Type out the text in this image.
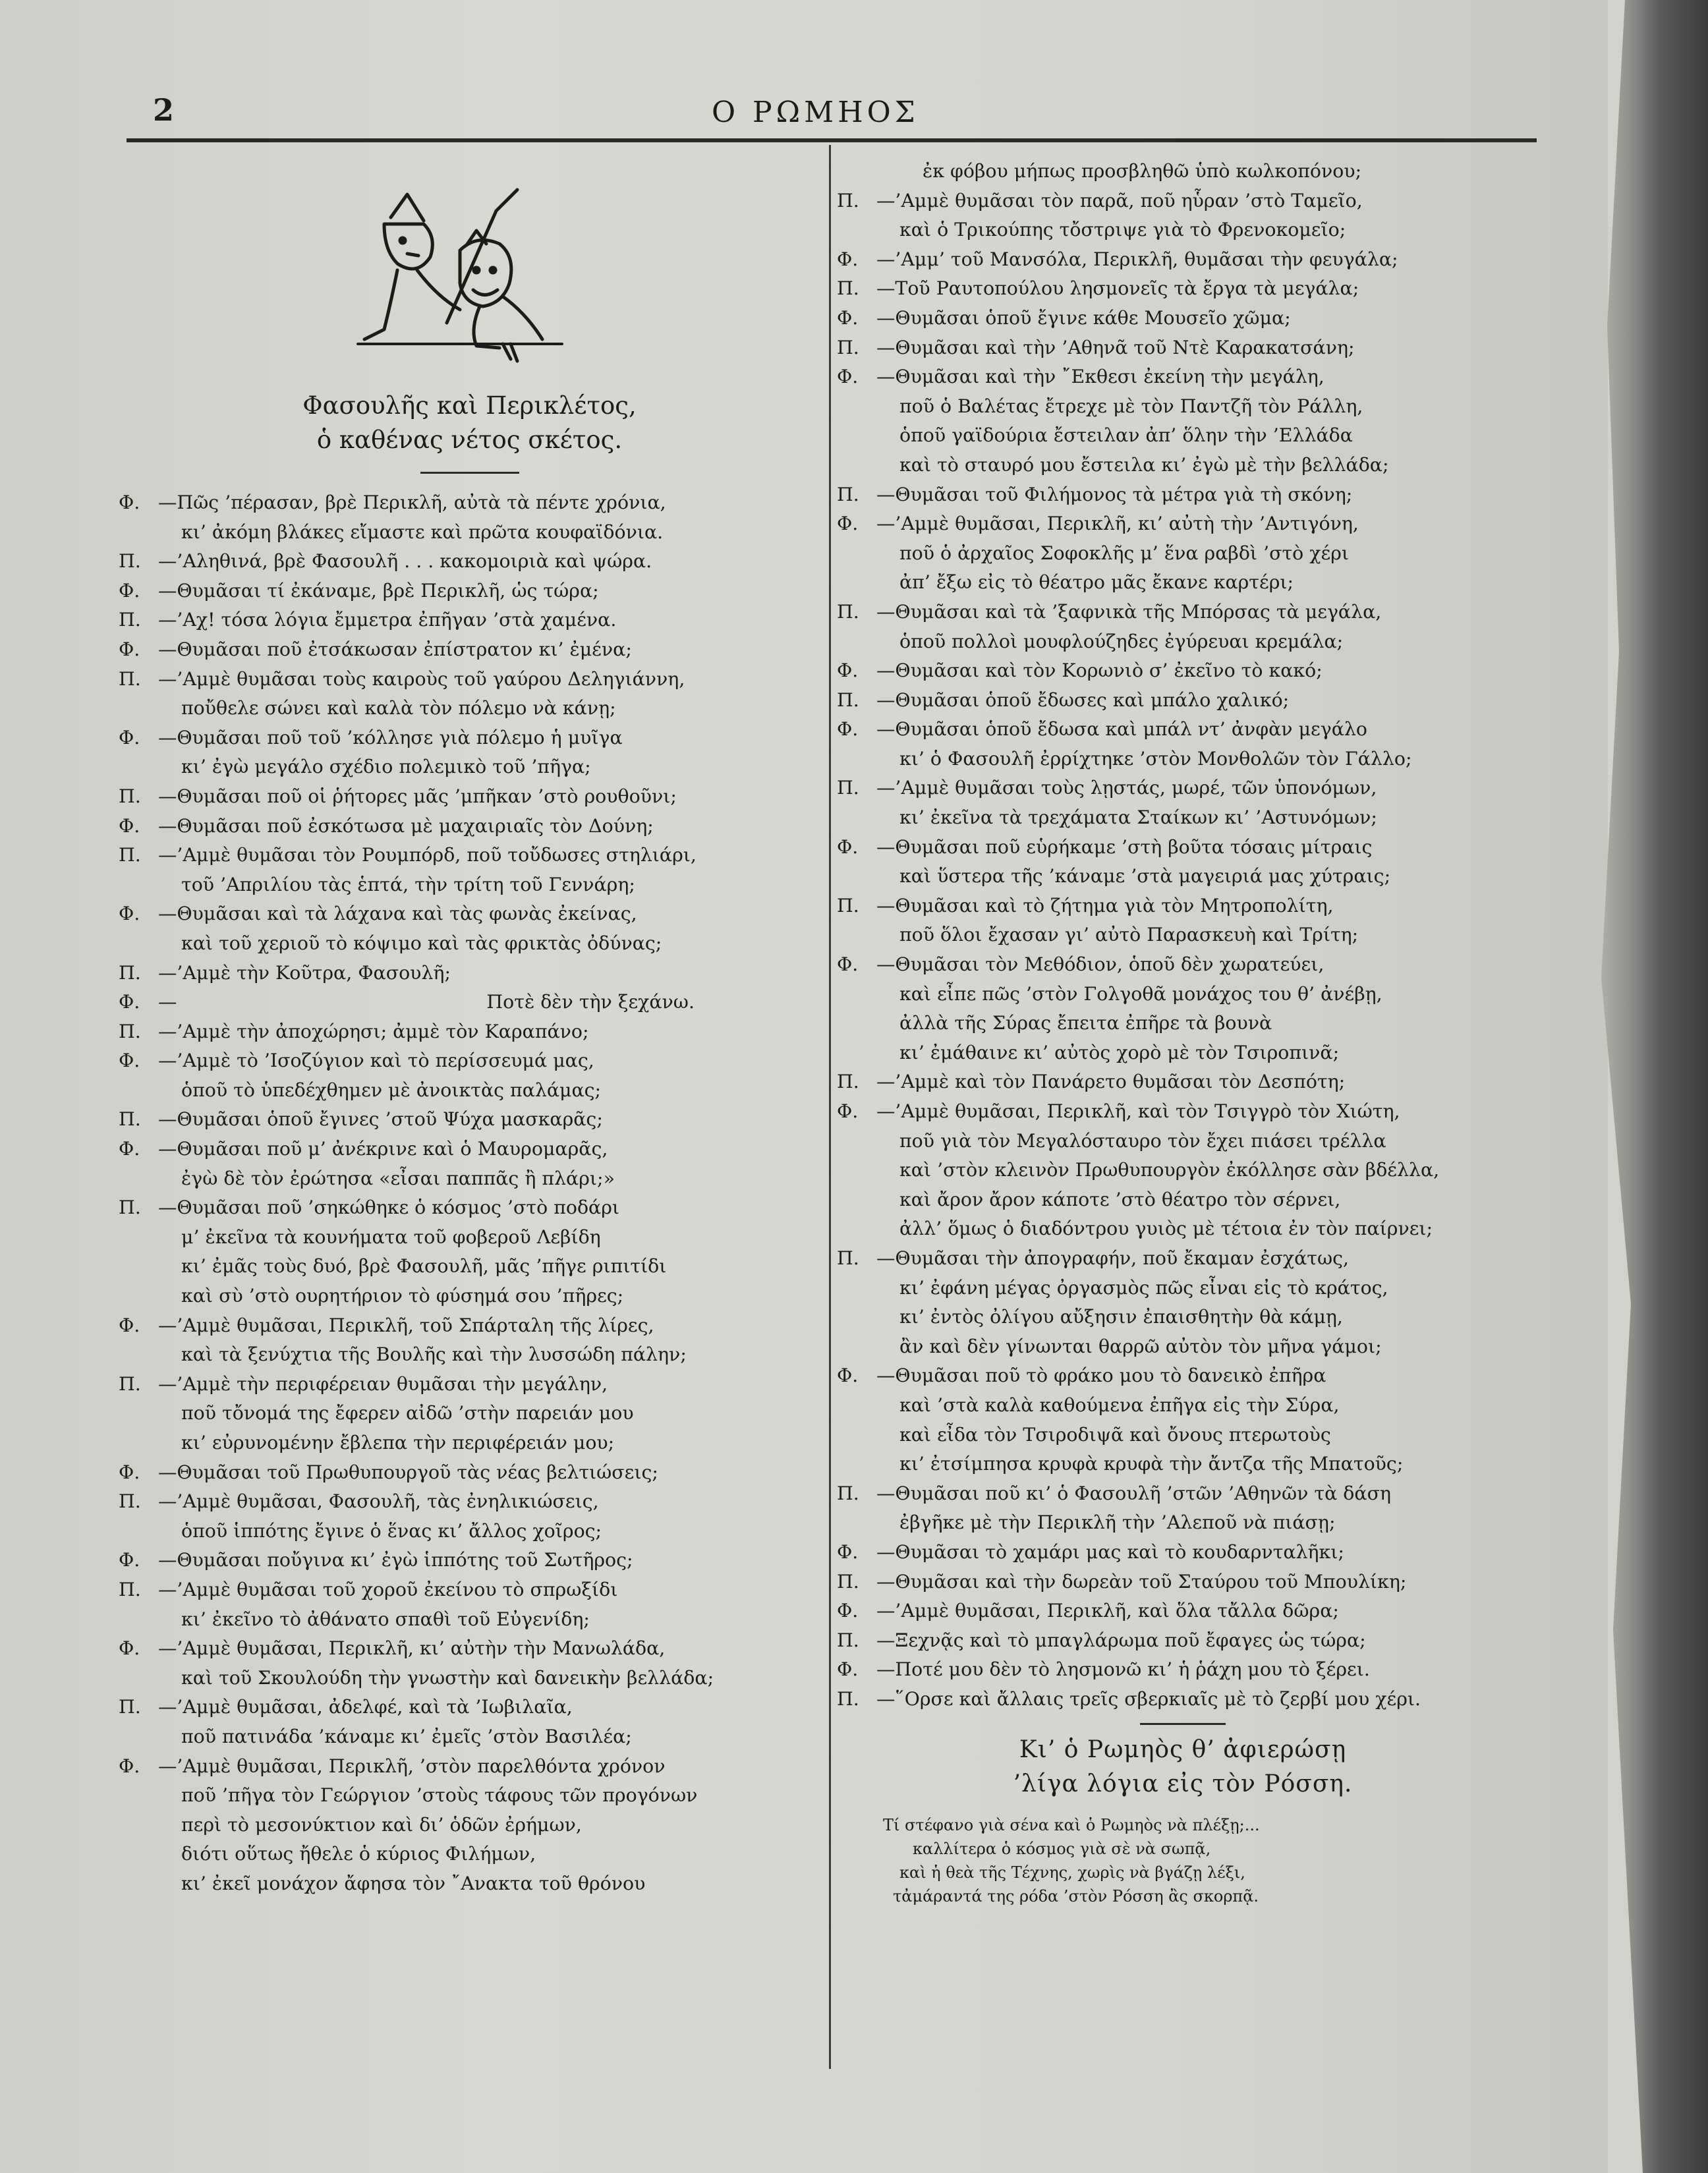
2	Ο ΡΩΜΗΟΣ
Φασουλῆς καὶ Περικλέτος,
ὁ καθένας νέτος σκέτος.
Φ. —Πῶς ’πέρασαν, βρὲ Περικλῆ, αὐτὰ τὰ πέντε χρόνια,
κι’ ἀκόμη βλάκες εἴμαστε καὶ πρῶτα κουφαϊδόνια.
Π. —’Αληθινά, βρὲ Φασουλῆ . . . κακομοιριὰ καὶ ψώρα.
Φ. —Θυμᾶσαι τί ἐκάναμε, βρὲ Περικλῆ, ὡς τώρα;
Π. —’Αχ! τόσα λόγια ἔμμετρα ἐπῆγαν ’στὰ χαμένα.
Φ. —Θυμᾶσαι ποῦ ἐτσάκωσαν ἐπίστρατον κι’ ἐμένα;
Π. —’Αμμὲ θυμᾶσαι τοὺς καιροὺς τοῦ γαύρου Δεληγιάννη,
ποὔθελε σώνει καὶ καλὰ τὸν πόλεμο νὰ κάνῃ;
Φ. —Θυμᾶσαι ποῦ τοῦ ’κόλλησε γιὰ πόλεμο ἡ μυῖγα
κι’ ἐγὼ μεγάλο σχέδιο πολεμικὸ τοῦ ’πῆγα;
Π. —Θυμᾶσαι ποῦ οἱ ῥήτορες μᾶς ’μπῆκαν ’στὸ ρουθοῦνι;
Φ. —Θυμᾶσαι ποῦ ἐσκότωσα μὲ μαχαιριαῖς τὸν Δούνη;
Π. —’Αμμὲ θυμᾶσαι τὸν Ρουμπόρδ, ποῦ τοὔδωσες στηλιάρι,
τοῦ ’Απριλίου τὰς ἑπτά, τὴν τρίτη τοῦ Γεννάρη;
Φ. —Θυμᾶσαι καὶ τὰ λάχανα καὶ τὰς φωνὰς ἐκείνας,
καὶ τοῦ χεριοῦ τὸ κόψιμο καὶ τὰς φρικτὰς ὀδύνας;
Π. —’Αμμὲ τὴν Κοῦτρα, Φασουλῆ;
Φ. —	Ποτὲ δὲν τὴν ξεχάνω.
Π. —’Αμμὲ τὴν ἀποχώρησι; ἀμμὲ τὸν Καραπάνο;
Φ. —’Αμμὲ τὸ ’Ισοζύγιον καὶ τὸ περίσσευμά μας,
ὁποῦ τὸ ὑπεδέχθημεν μὲ ἀνοικτὰς παλάμας;
Π. —Θυμᾶσαι ὁποῦ ἔγινες ’στοῦ Ψύχα μασκαρᾶς;
Φ. —Θυμᾶσαι ποῦ μ’ ἀνέκρινε καὶ ὁ Μαυρομαρᾶς,
ἐγὼ δὲ τὸν ἐρώτησα «εἶσαι παππᾶς ἢ πλάρι;»
Π. —Θυμᾶσαι ποῦ ’σηκώθηκε ὁ κόσμος ’στὸ ποδάρι
μ’ ἐκεῖνα τὰ κουνήματα τοῦ φοβεροῦ Λεβίδη
κι’ ἐμᾶς τοὺς δυό, βρὲ Φασουλῆ, μᾶς ’πῆγε ριπιτίδι
καὶ σὺ ’στὸ ουρητήριον τὸ φύσημά σου ’πῆρες;
Φ. —’Αμμὲ θυμᾶσαι, Περικλῆ, τοῦ Σπάρταλη τῆς λίρες,
καὶ τὰ ξενύχτια τῆς Βουλῆς καὶ τὴν λυσσώδη πάλην;
Π. —’Αμμὲ τὴν περιφέρειαν θυμᾶσαι τὴν μεγάλην,
ποῦ τὄνομά της ἔφερεν αἰδῶ ’στὴν παρειάν μου
κι’ εὐρυνομένην ἔβλεπα τὴν περιφέρειάν μου;
Φ. —Θυμᾶσαι τοῦ Πρωθυπουργοῦ τὰς νέας βελτιώσεις;
Π. —’Αμμὲ θυμᾶσαι, Φασουλῆ, τὰς ἐνηλικιώσεις,
ὁποῦ ἱππότης ἔγινε ὁ ἕνας κι’ ἄλλος χοῖρος;
Φ. —Θυμᾶσαι ποὔγινα κι’ ἐγὼ ἱππότης τοῦ Σωτῆρος;
Π. —’Αμμὲ θυμᾶσαι τοῦ χοροῦ ἐκείνου τὸ σπρωξίδι
κι’ ἐκεῖνο τὸ ἀθάνατο σπαθὶ τοῦ Εὐγενίδη;
Φ. —’Αμμὲ θυμᾶσαι, Περικλῆ, κι’ αὐτὴν τὴν Μανωλάδα,
καὶ τοῦ Σκουλούδη τὴν γνωστὴν καὶ δανεικὴν βελλάδα;
Π. —’Αμμὲ θυμᾶσαι, ἀδελφέ, καὶ τὰ ’Ιωβιλαῖα,
ποῦ πατινάδα ’κάναμε κι’ ἐμεῖς ’στὸν Βασιλέα;
Φ. —’Αμμὲ θυμᾶσαι, Περικλῆ, ’στὸν παρελθόντα χρόνον
ποῦ ’πῆγα τὸν Γεώργιον ’στοὺς τάφους τῶν προγόνων
περὶ τὸ μεσονύκτιον καὶ δι’ ὁδῶν ἐρήμων,
διότι οὕτως ἤθελε ὁ κύριος Φιλήμων,
κι’ ἐκεῖ μονάχον ἄφησα τὸν ῎Ανακτα τοῦ θρόνου
ἐκ φόβου μήπως προσβληθῶ ὑπὸ κωλκοπόνου;
Π. —’Αμμὲ θυμᾶσαι τὸν παρᾶ, ποῦ ηὗραν ’στὸ Ταμεῖο,
καὶ ὁ Τρικούπης τὄστριψε γιὰ τὸ Φρενοκομεῖο;
Φ. —’Αμμ’ τοῦ Μανσόλα, Περικλῆ, θυμᾶσαι τὴν φευγάλα;
Π. —Τοῦ Ραυτοπούλου λησμονεῖς τὰ ἔργα τὰ μεγάλα;
Φ. —Θυμᾶσαι ὁποῦ ἔγινε κάθε Μουσεῖο χῶμα;
Π. —Θυμᾶσαι καὶ τὴν ’Αθηνᾶ τοῦ Ντὲ Καρακατσάνη;
Φ. —Θυμᾶσαι καὶ τὴν ῎Εκθεσι ἐκείνη τὴν μεγάλη,
ποῦ ὁ Βαλέτας ἔτρεχε μὲ τὸν Παντζῆ τὸν Ράλλη,
ὁποῦ γαϊδούρια ἔστειλαν ἀπ’ ὅλην τὴν ’Ελλάδα
καὶ τὸ σταυρό μου ἔστειλα κι’ ἐγὼ μὲ τὴν βελλάδα;
Π. —Θυμᾶσαι τοῦ Φιλήμονος τὰ μέτρα γιὰ τὴ σκόνη;
Φ. —’Αμμὲ θυμᾶσαι, Περικλῆ, κι’ αὐτὴ τὴν ’Αντιγόνη,
ποῦ ὁ ἀρχαῖος Σοφοκλῆς μ’ ἕνα ραβδὶ ’στὸ χέρι
ἀπ’ ἔξω εἰς τὸ θέατρο μᾶς ἔκανε καρτέρι;
Π. —Θυμᾶσαι καὶ τὰ ’ξαφνικὰ τῆς Μπόρσας τὰ μεγάλα,
ὁποῦ πολλοὶ μουφλούζηδες ἐγύρευαι κρεμάλα;
Φ. —Θυμᾶσαι καὶ τὸν Κορωνιὸ σ’ ἐκεῖνο τὸ κακό;
Π. —Θυμᾶσαι ὁποῦ ἔδωσες καὶ μπάλο χαλικό;
Φ. —Θυμᾶσαι ὁποῦ ἔδωσα καὶ μπάλ ντ’ ἀνφὰν μεγάλο
κι’ ὁ Φασουλῆ ἐρρίχτηκε ’στὸν Μονθολῶν τὸν Γάλλο;
Π. —’Αμμὲ θυμᾶσαι τοὺς λῃστάς, μωρέ, τῶν ὑπονόμων,
κι’ ἐκεῖνα τὰ τρεχάματα Σταίκων κι’ ’Αστυνόμων;
Φ. —Θυμᾶσαι ποῦ εὑρήκαμε ’στὴ βοῦτα τόσαις μίτραις
καὶ ὕστερα τῆς ’κάναμε ’στὰ μαγειριά μας χύτραις;
Π. —Θυμᾶσαι καὶ τὸ ζήτημα γιὰ τὸν Μητροπολίτη,
ποῦ ὅλοι ἔχασαν γι’ αὐτὸ Παρασκευὴ καὶ Τρίτη;
Φ. —Θυμᾶσαι τὸν Μεθόδιον, ὁποῦ δὲν χωρατεύει,
καὶ εἶπε πῶς ’στὸν Γολγοθᾶ μονάχος του θ’ ἀνέβῃ,
ἀλλὰ τῆς Σύρας ἔπειτα ἐπῆρε τὰ βουνὰ
κι’ ἐμάθαινε κι’ αὐτὸς χορὸ μὲ τὸν Τσιροπινᾶ;
Π. —’Αμμὲ καὶ τὸν Πανάρετο θυμᾶσαι τὸν Δεσπότη;
Φ. —’Αμμὲ θυμᾶσαι, Περικλῆ, καὶ τὸν Τσιγγρὸ τὸν Χιώτη,
ποῦ γιὰ τὸν Μεγαλόσταυρο τὸν ἔχει πιάσει τρέλλα
καὶ ’στὸν κλεινὸν Πρωθυπουργὸν ἐκόλλησε σὰν βδέλλα,
καὶ ἄρον ἄρον κάποτε ’στὸ θέατρο τὸν σέρνει,
ἀλλ’ ὅμως ὁ διαδόντρου γυιὸς μὲ τέτοια ἐν τὸν παίρνει;
Π. —Θυμᾶσαι τὴν ἀπογραφήν, ποῦ ἔκαμαν ἐσχάτως,
κι’ ἐφάνη μέγας ὀργασμὸς πῶς εἶναι εἰς τὸ κράτος,
κι’ ἐντὸς ὀλίγου αὔξησιν ἐπαισθητὴν θὰ κάμῃ,
ἂν καὶ δὲν γίνωνται θαρρῶ αὐτὸν τὸν μῆνα γάμοι;
Φ. —Θυμᾶσαι ποῦ τὸ φράκο μου τὸ δανεικὸ ἐπῆρα
καὶ ’στὰ καλὰ καθούμενα ἐπῆγα εἰς τὴν Σύρα,
καὶ εἶδα τὸν Τσιροδιψᾶ καὶ ὄνους πτερωτοὺς
κι’ ἐτσίμπησα κρυφὰ κρυφὰ τὴν ἄντζα τῆς Μπατοῦς;
Π. —Θυμᾶσαι ποῦ κι’ ὁ Φασουλῆ ’στῶν ’Αθηνῶν τὰ δάση
ἐβγῆκε μὲ τὴν Περικλῆ τὴν ’Αλεποῦ νὰ πιάσῃ;
Φ. —Θυμᾶσαι τὸ χαμάρι μας καὶ τὸ κουδαρνταλῆκι;
Π. —Θυμᾶσαι καὶ τὴν δωρεὰν τοῦ Σταύρου τοῦ Μπουλίκη;
Φ. —’Αμμὲ θυμᾶσαι, Περικλῆ, καὶ ὅλα τἄλλα δῶρα;
Π. —Ξεχνᾷς καὶ τὸ μπαγλάρωμα ποῦ ἔφαγες ὡς τώρα;
Φ. —Ποτέ μου δὲν τὸ λησμονῶ κι’ ἡ ῥάχη μου τὸ ξέρει.
Π. —῞Ορσε καὶ ἄλλαις τρεῖς σβερκιαῖς μὲ τὸ ζερβί μου χέρι.
Κι’ ὁ Ρωμηὸς θ’ ἀφιερώσῃ
’λίγα λόγια εἰς τὸν Ρόσση.
Τί στέφανο γιὰ σένα καὶ ὁ Ρωμηὸς νὰ πλέξῃ;...
καλλίτερα ὁ κόσμος γιὰ σὲ νὰ σωπᾷ,
καὶ ἡ θεὰ τῆς Τέχνης, χωρὶς νὰ βγάζῃ λέξι,
τἀμάραντά της ρόδα ’στὸν Ρόσση ἂς σκορπᾷ.
